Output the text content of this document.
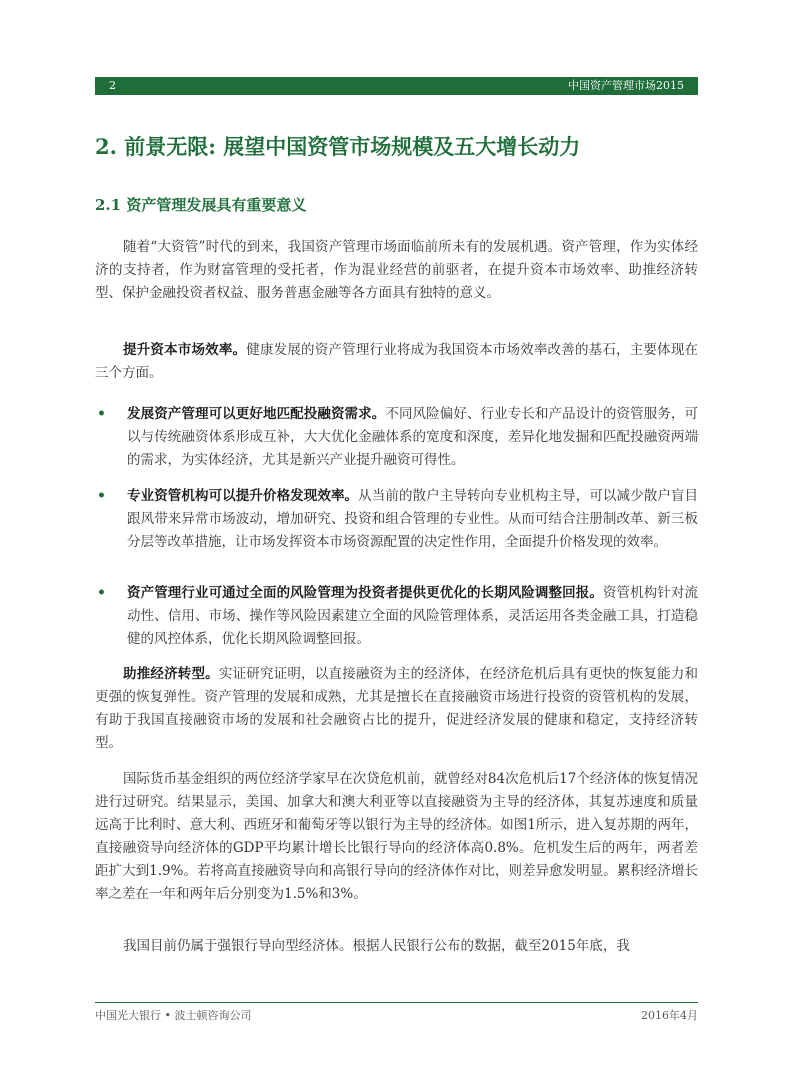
2	中国资产管理市场2015
2. 前景无限: 展望中国资管市场规模及五大增长动力
2.1 资产管理发展具有重要意义
随着“大资管”时代的到来，我国资产管理市场面临前所未有的发展机遇。资产管理，作为实体经济的支持者，作为财富管理的受托者，作为混业经营的前驱者，在提升资本市场效率、助推经济转型、保护金融投资者权益、服务普惠金融等各方面具有独特的意义。
提升资本市场效率。健康发展的资产管理行业将成为我国资本市场效率改善的基石，主要体现在三个方面。
•	发展资产管理可以更好地匹配投融资需求。不同风险偏好、行业专长和产品设计的资管服务，可以与传统融资体系形成互补，大大优化金融体系的宽度和深度，差异化地发掘和匹配投融资两端的需求，为实体经济，尤其是新兴产业提升融资可得性。
•	专业资管机构可以提升价格发现效率。从当前的散户主导转向专业机构主导，可以减少散户盲目跟风带来异常市场波动，增加研究、投资和组合管理的专业性。从而可结合注册制改革、新三板分层等改革措施，让市场发挥资本市场资源配置的决定性作用，全面提升价格发现的效率。
•	资产管理行业可通过全面的风险管理为投资者提供更优化的长期风险调整回报。资管机构针对流动性、信用、市场、操作等风险因素建立全面的风险管理体系，灵活运用各类金融工具，打造稳健的风控体系，优化长期风险调整回报。
助推经济转型。实证研究证明，以直接融资为主的经济体，在经济危机后具有更快的恢复能力和更强的恢复弹性。资产管理的发展和成熟，尤其是擅长在直接融资市场进行投资的资管机构的发展，有助于我国直接融资市场的发展和社会融资占比的提升，促进经济发展的健康和稳定，支持经济转型。
国际货币基金组织的两位经济学家早在次贷危机前，就曾经对84次危机后17个经济体的恢复情况进行过研究。结果显示，美国、加拿大和澳大利亚等以直接融资为主导的经济体，其复苏速度和质量远高于比利时、意大利、西班牙和葡萄牙等以银行为主导的经济体。如图1所示，进入复苏期的两年，直接融资导向经济体的GDP平均累计增长比银行导向的经济体高0.8%。危机发生后的两年，两者差距扩大到1.9%。若将高直接融资导向和高银行导向的经济体作对比，则差异愈发明显。累积经济增长率之差在一年和两年后分别变为1.5%和3%。
我国目前仍属于强银行导向型经济体。根据人民银行公布的数据，截至2015年底，我
中国光大银行 • 波士顿咨询公司	2016年4月
